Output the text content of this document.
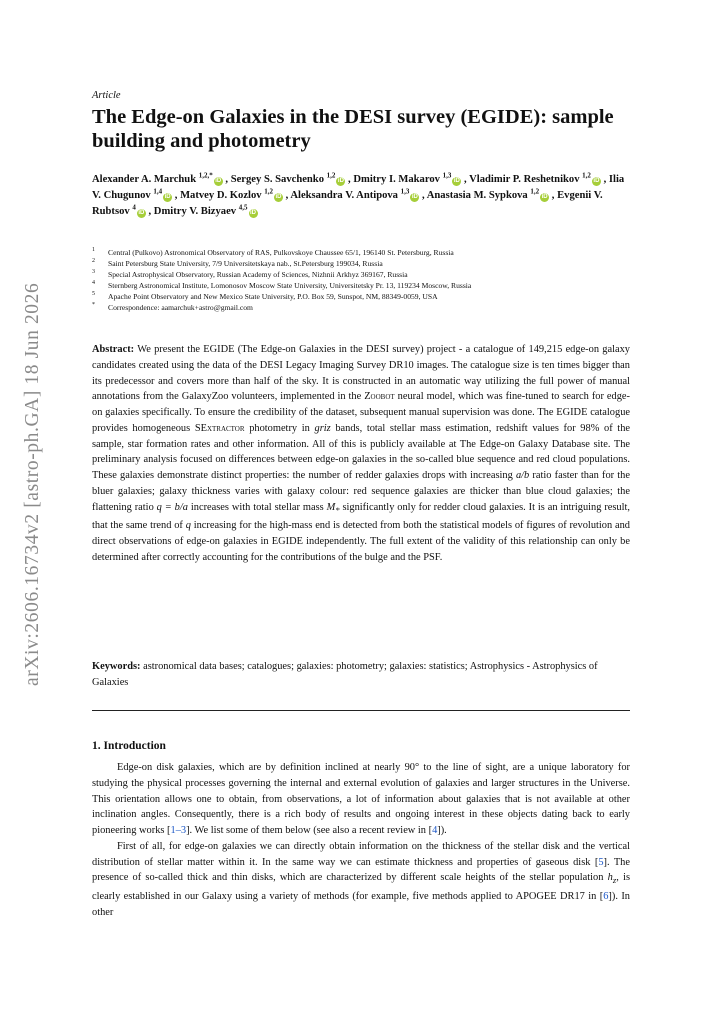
arXiv:2606.16734v2 [astro-ph.GA] 18 Jun 2026
Article
The Edge-on Galaxies in the DESI survey (EGIDE): sample building and photometry
Alexander A. Marchuk $^{1,2,*}$iD , Sergey S. Savchenko $^{1,2}$iD , Dmitry I. Makarov $^{1,3}$iD , Vladimir P. Reshetnikov $^{1,2}$iD , Ilia V. Chugunov $^{1,4}$iD , Matvey D. Kozlov $^{1,2}$iD , Aleksandra V. Antipova $^{1,3}$iD , Anastasia M. Sypkova $^{1,2}$iD , Evgenii V. Rubtsov $^4$iD , Dmitry V. Bizyaev $^{4,5}$iD
1 Central (Pulkovo) Astronomical Observatory of RAS, Pulkovskoye Chaussee 65/1, 196140 St. Petersburg, Russia
2 Saint Petersburg State University, 7/9 Universitetskaya nab., St.Petersburg 199034, Russia
3 Special Astrophysical Observatory, Russian Academy of Sciences, Nizhnii Arkhyz 369167, Russia
4 Sternberg Astronomical Institute, Lomonosov Moscow State University, Universitetsky Pr. 13, 119234 Moscow, Russia
5 Apache Point Observatory and New Mexico State University, P.O. Box 59, Sunspot, NM, 88349-0059, USA
* Correspondence: aamarchuk+astro@gmail.com

Abstract: We present the EGIDE (The Edge-on Galaxies in the DESI survey) project - a catalogue of 149,215 edge-on galaxy candidates created using the data of the DESI Legacy Imaging Survey DR10 images. The catalogue size is ten times bigger than its predecessor and covers more than half of the sky. It is constructed in an automatic way utilizing the full power of manual annotations from the GalaxyZoo volunteers, implemented in the Zoobot neural model, which was fine-tuned to search for edge-on galaxies specifically. To ensure the credibility of the dataset, subsequent manual supervision was done. The EGIDE catalogue provides homogeneous SExtractor photometry in griz bands, total stellar mass estimation, redshift values for 98% of the sample, star formation rates and other information. All of this is publicly available at The Edge-on Galaxy Database site. The preliminary analysis focused on differences between edge-on galaxies in the so-called blue sequence and red cloud populations. These galaxies demonstrate distinct properties: the number of redder galaxies drops with increasing a/b ratio faster than for the bluer galaxies; galaxy thickness varies with galaxy colour: red sequence galaxies are thicker than blue cloud galaxies; the flattening ratio q = b/a increases with total stellar mass $M_*$ significantly only for redder cloud galaxies. It is an intriguing result, that the same trend of q increasing for the high-mass end is detected from both the statistical models of figures of revolution and direct observations of edge-on galaxies in EGIDE independently. The full extent of the validity of this relationship can only be determined after correctly accounting for the contributions of the bulge and the PSF.

Keywords: astronomical data bases; catalogues; galaxies: photometry; galaxies: statistics; Astrophysics - Astrophysics of Galaxies

1. Introduction

Edge-on disk galaxies, which are by definition inclined at nearly 90° to the line of sight, are a unique laboratory for studying the physical processes governing the internal and external evolution of galaxies and larger structures in the Universe. This orientation allows one to obtain, from observations, a lot of information about galaxies that is not available at other inclination angles. Consequently, there is a rich body of results and ongoing interest in these objects dating back to early pioneering works [1–3]. We list some of them below (see also a recent review in [4]).

First of all, for edge-on galaxies we can directly obtain information on the thickness of the stellar disk and the vertical distribution of stellar matter within it. In the same way we can estimate thickness and properties of gaseous disk [5]. The presence of so-called thick and thin disks, which are characterized by different scale heights of the stellar population $h_z$, is clearly established in our Galaxy using a variety of methods (for example, five methods applied to APOGEE DR17 in [6]). In other
